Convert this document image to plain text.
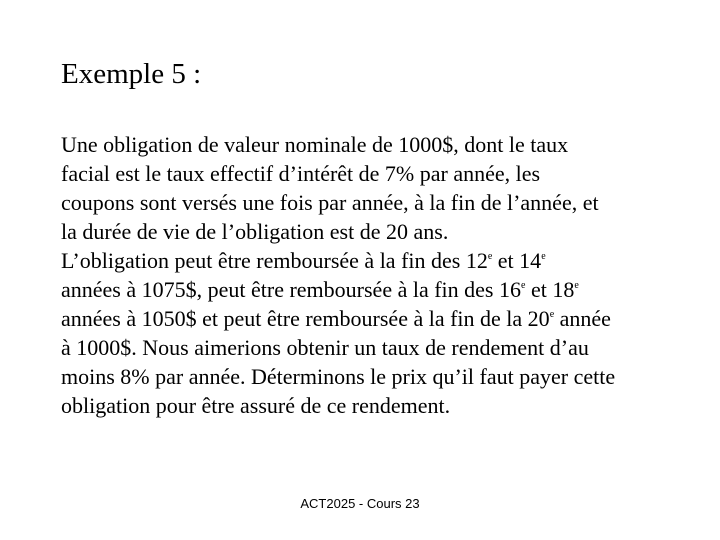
Exemple 5 :
Une obligation de valeur nominale de 1000$, dont le taux
facial est le taux effectif d’intérêt de 7% par année, les
coupons sont versés une fois par année, à la fin de l’année, et
la durée de vie de l’obligation est de 20 ans.
L’obligation peut être remboursée à la fin des 12e et 14e
années à 1075$, peut être remboursée à la fin des 16e et 18e
années à 1050$ et peut être remboursée à la fin de la 20e année
à 1000$. Nous aimerions obtenir un taux de rendement d’au
moins 8% par année. Déterminons le prix qu’il faut payer cette
obligation pour être assuré de ce rendement.
ACT2025 - Cours 23
